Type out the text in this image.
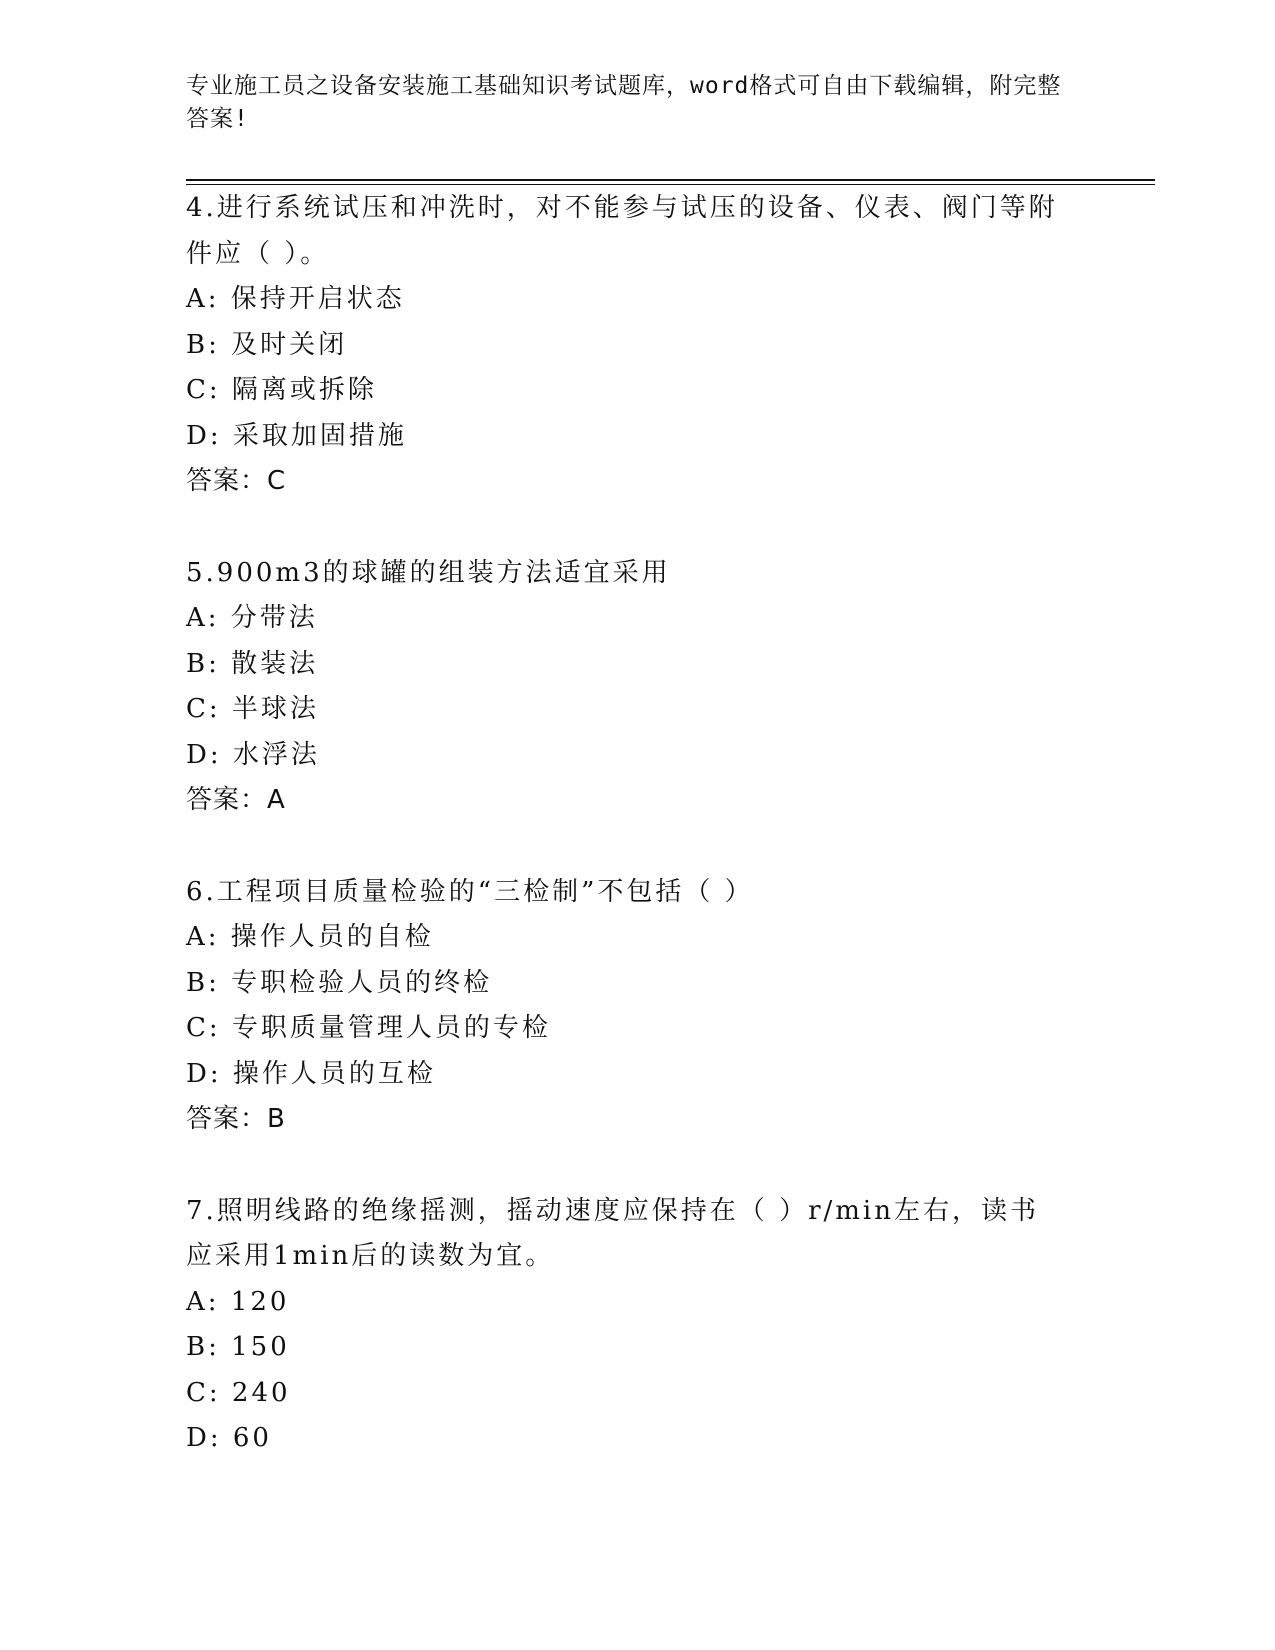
专业施工员之设备安装施工基础知识考试题库，word格式可自由下载编辑，附完整答案!
4.进行系统试压和冲洗时，对不能参与试压的设备、仪表、阀门等附件应（ ）。
A: 保持开启状态
B: 及时关闭
C: 隔离或拆除
D: 采取加固措施
答案：C
5.900m3的球罐的组装方法适宜采用
A: 分带法
B: 散装法
C: 半球法
D: 水浮法
答案：A
6.工程项目质量检验的“三检制”不包括（ ）
A: 操作人员的自检
B: 专职检验人员的终检
C: 专职质量管理人员的专检
D: 操作人员的互检
答案：B
7.照明线路的绝缘摇测，摇动速度应保持在（ ）r/min左右，读书应采用1min后的读数为宜。
A: 120
B: 150
C: 240
D: 60
